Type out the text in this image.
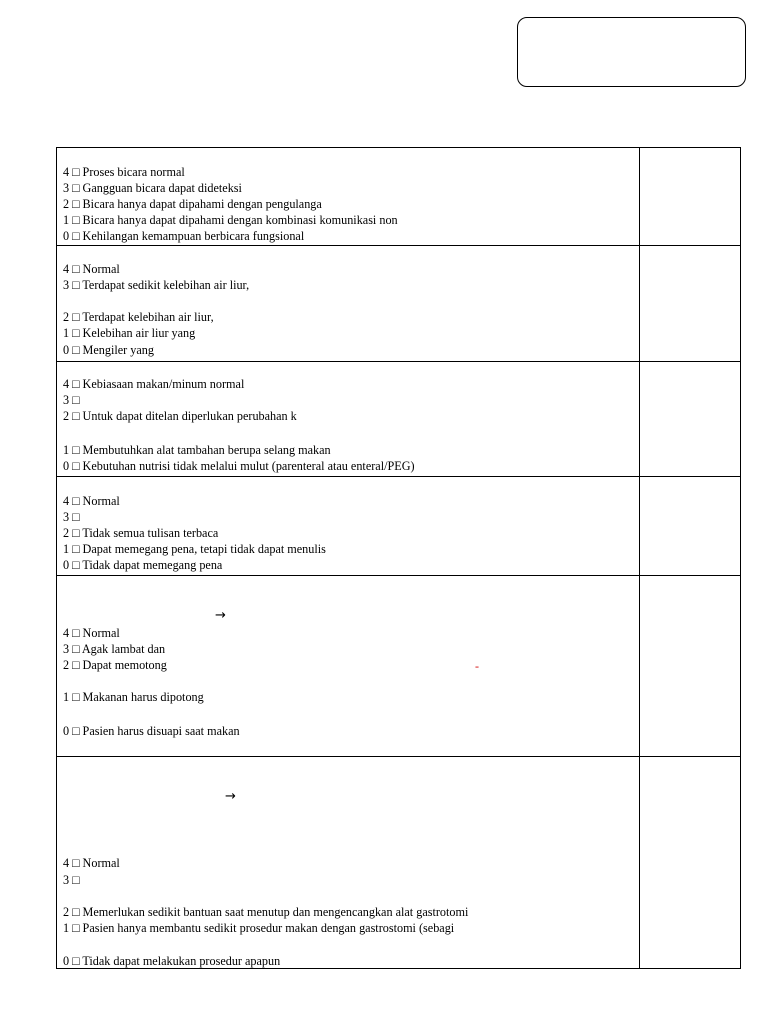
4 □ Proses bicara normal
3 □ Gangguan bicara dapat dideteksi
2 □ Bicara hanya dapat dipahami dengan pengulanga
1 □ Bicara hanya dapat dipahami dengan kombinasi komunikasi non
0 □ Kehilangan kemampuan berbicara fungsional
4 □ Normal
3 □ Terdapat sedikit kelebihan air liur,
2 □ Terdapat kelebihan air liur,
1 □ Kelebihan air liur yang
0 □ Mengiler yang
4 □ Kebiasaan makan/minum normal
3 □
2 □ Untuk dapat ditelan diperlukan perubahan k
1 □ Membutuhkan alat tambahan berupa selang makan
0 □ Kebutuhan nutrisi tidak melalui mulut (parenteral atau enteral/PEG)
4 □ Normal
3 □
2 □ Tidak semua tulisan terbaca
1 □ Dapat memegang pena, tetapi tidak dapat menulis
0 □ Tidak dapat memegang pena
→
4 □ Normal
3 □ Agak lambat dan
2 □ Dapat memotong	-
1 □ Makanan harus dipotong
0 □ Pasien harus disuapi saat makan
→
4 □ Normal
3 □
2 □ Memerlukan sedikit bantuan saat menutup dan mengencangkan alat gastrotomi
1 □ Pasien hanya membantu sedikit prosedur makan dengan gastrostomi (sebagi
0 □ Tidak dapat melakukan prosedur apapun
